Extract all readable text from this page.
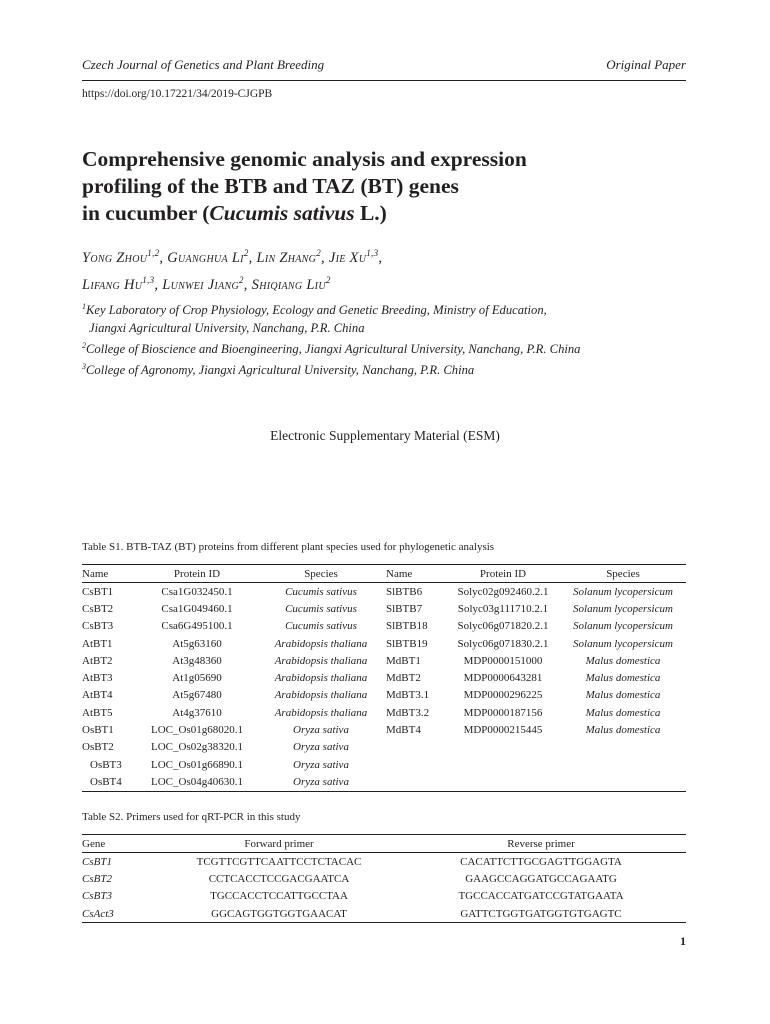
Czech Journal of Genetics and Plant Breeding	Original Paper
https://doi.org/10.17221/34/2019-CJGPB
Comprehensive genomic analysis and expression
profiling of the BTB and TAZ (BT) genes
in cucumber (Cucumis sativus L.)
Yong Zhou$^{1,2}$, Guanghua Li$^2$, Lin Zhang$^2$, Jie Xu$^{1,3}$,
Lifang Hu$^{1,3}$, Lunwei Jiang$^2$, Shiqiang Liu$^2$
$^1$Key Laboratory of Crop Physiology, Ecology and Genetic Breeding, Ministry of Education,
Jiangxi Agricultural University, Nanchang, P.R. China
$^2$College of Bioscience and Bioengineering, Jiangxi Agricultural University, Nanchang, P.R. China
$^3$College of Agronomy, Jiangxi Agricultural University, Nanchang, P.R. China
Electronic Supplementary Material (ESM)
Table S1. BTB-TAZ (BT) proteins from different plant species used for phylogenetic analysis
Name	Protein ID	Species	Name	Protein ID	Species
CsBT1	Csa1G032450.1	Cucumis sativus	SlBTB6	Solyc02g092460.2.1	Solanum lycopersicum
CsBT2	Csa1G049460.1	Cucumis sativus	SlBTB7	Solyc03g111710.2.1	Solanum lycopersicum
CsBT3	Csa6G495100.1	Cucumis sativus	SlBTB18	Solyc06g071820.2.1	Solanum lycopersicum
AtBT1	At5g63160	Arabidopsis thaliana	SlBTB19	Solyc06g071830.2.1	Solanum lycopersicum
AtBT2	At3g48360	Arabidopsis thaliana	MdBT1	MDP0000151000	Malus domestica
AtBT3	At1g05690	Arabidopsis thaliana	MdBT2	MDP0000643281	Malus domestica
AtBT4	At5g67480	Arabidopsis thaliana	MdBT3.1	MDP0000296225	Malus domestica
AtBT5	At4g37610	Arabidopsis thaliana	MdBT3.2	MDP0000187156	Malus domestica
OsBT1	LOC_Os01g68020.1	Oryza sativa	MdBT4	MDP0000215445	Malus domestica
OsBT2	LOC_Os02g38320.1	Oryza sativa			
OsBT3	LOC_Os01g66890.1	Oryza sativa			
OsBT4	LOC_Os04g40630.1	Oryza sativa			
Table S2. Primers used for qRT-PCR in this study
Gene	Forward primer	Reverse primer
CsBT1	TCGTTCGTTCAATTCCTCTACAC	CACATTCTTGCGAGTTGGAGTA
CsBT2	CCTCACCTCCGACGAATCA	GAAGCCAGGATGCCAGAATG
CsBT3	TGCCACCTCCATTGCCTAA	TGCCACCATGATCCGTATGAATA
CsAct3	GGCAGTGGTGGTGAACAT	GATTCTGGTGATGGTGTGAGTC
1
